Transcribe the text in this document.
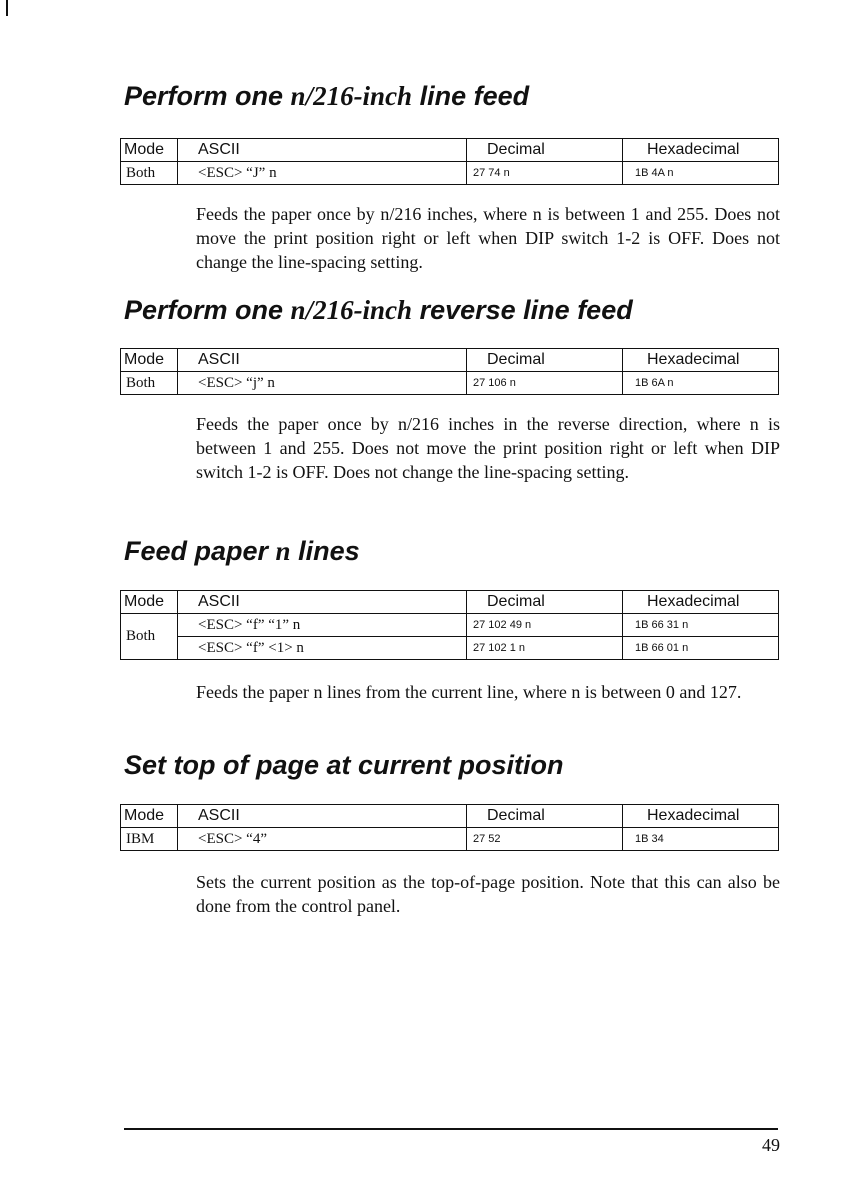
Perform one n/216-inch line feed
Mode	ASCII	Decimal	Hexadecimal
Both	<ESC> “J” n	27 74 n	1B 4A n

Feeds the paper once by n/216 inches, where n is between 1 and 255. Does not move the print position right or left when DIP switch 1-2 is OFF. Does not change the line-spacing setting.

Perform one n/216-inch reverse line feed
Mode	ASCII	Decimal	Hexadecimal
Both	<ESC> “j” n	27 106 n	1B 6A n

Feeds the paper once by n/216 inches in the reverse direction, where n is between 1 and 255. Does not move the print position right or left when DIP switch 1-2 is OFF. Does not change the line-spacing setting.

Feed paper n lines
Mode	ASCII	Decimal	Hexadecimal
Both	<ESC> “f” “1” n	27 102 49 n	1B 66 31 n
	<ESC> “f” <1> n	27 102 1 n	1B 66 01 n

Feeds the paper n lines from the current line, where n is between 0 and 127.

Set top of page at current position
Mode	ASCII	Decimal	Hexadecimal
IBM	<ESC> “4”	27 52	1B 34

Sets the current position as the top-of-page position. Note that this can also be done from the control panel.

49
